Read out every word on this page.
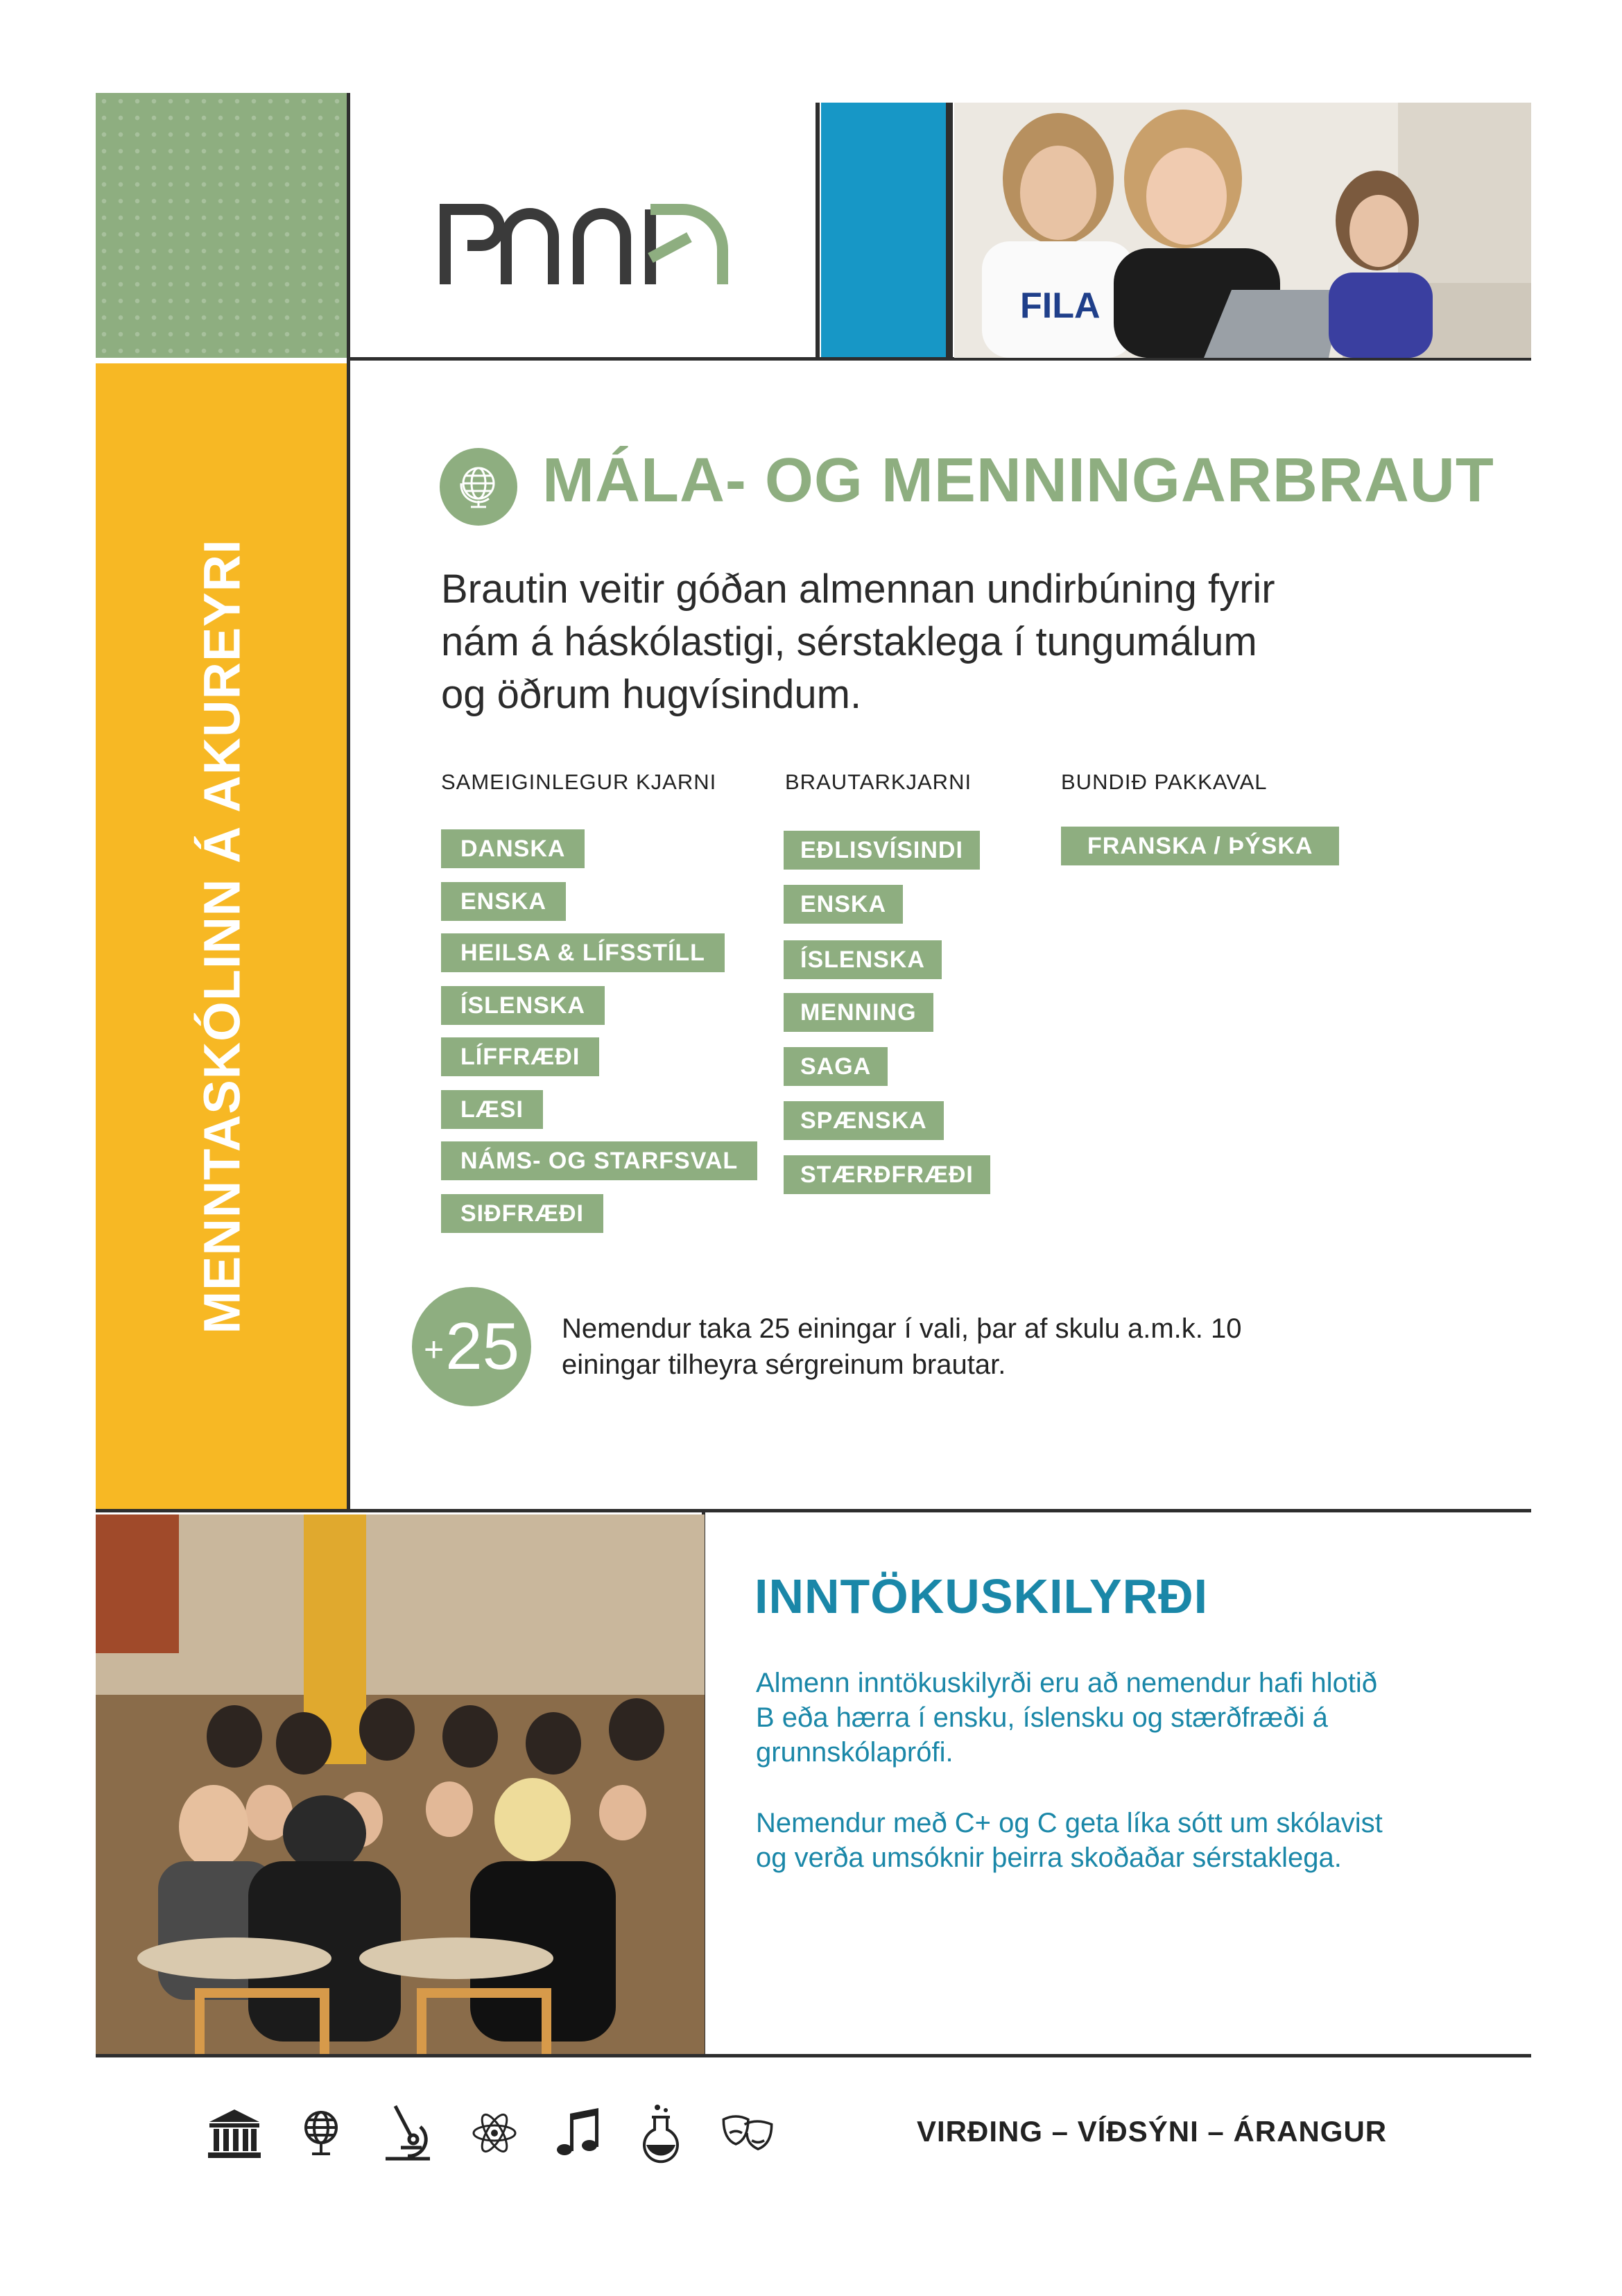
MENNTASKÓLINN Á AKUREYRI
FILA
MÁLA- OG MENNINGARBRAUT
Brautin veitir góðan almennan undirbúning fyrir
nám á háskólastigi, sérstaklega í tungumálum
og öðrum hugvísindum.
SAMEIGINLEGUR KJARNI	BRAUTARKJARNI	BUNDIÐ PAKKAVAL
DANSKA
ENSKA
HEILSA & LÍFSSTÍLL
ÍSLENSKA
LÍFFRÆÐI
LÆSI
NÁMS- OG STARFSVAL
SIÐFRÆÐI
EÐLISVÍSINDI
ENSKA
ÍSLENSKA
MENNING
SAGA
SPÆNSKA
STÆRÐFRÆÐI
FRANSKA / ÞÝSKA
+ 25 Nemendur taka 25 einingar í vali, þar af skulu a.m.k. 10
einingar tilheyra sérgreinum brautar.
INNTÖKUSKILYRÐI
Almenn inntökuskilyrði eru að nemendur hafi hlotið
B eða hærra í ensku, íslensku og stærðfræði á
grunnskólaprófi.
Nemendur með C+ og C geta líka sótt um skólavist
og verða umsóknir þeirra skoðaðar sérstaklega.
VIRÐING – VÍÐSÝNI – ÁRANGUR
